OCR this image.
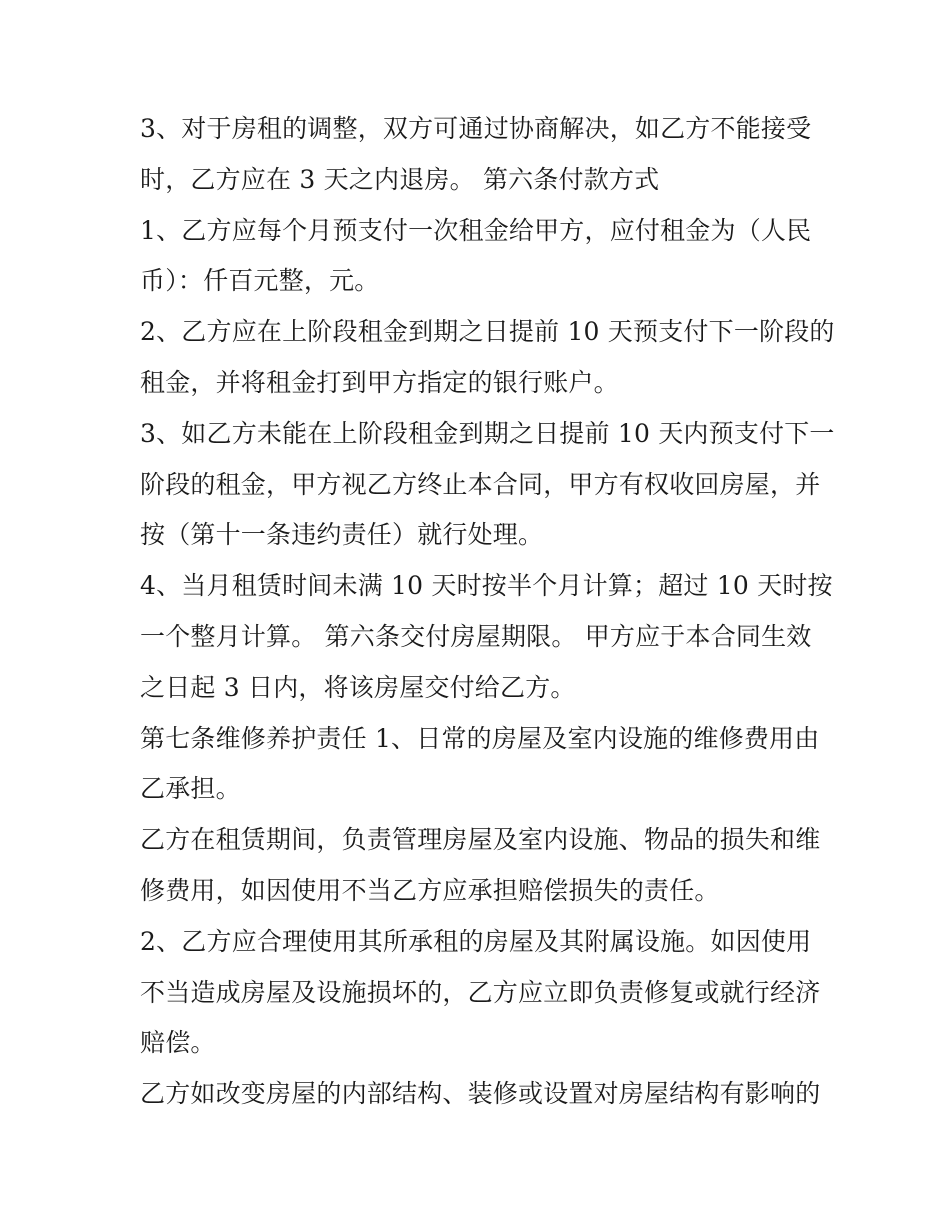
3、对于房租的调整，双方可通过协商解决，如乙方不能接受
时，乙方应在 3 天之内退房。 第六条付款方式

1、乙方应每个月预支付一次租金给甲方，应付租金为（人民
币）：仟百元整，元。

2、乙方应在上阶段租金到期之日提前 10 天预支付下一阶段的
租金，并将租金打到甲方指定的银行账户。

3、如乙方未能在上阶段租金到期之日提前 10 天内预支付下一
阶段的租金，甲方视乙方终止本合同，甲方有权收回房屋，并
按（第十一条违约责任）就行处理。

4、当月租赁时间未满 10 天时按半个月计算；超过 10 天时按
一个整月计算。 第六条交付房屋期限。 甲方应于本合同生效
之日起 3 日内，将该房屋交付给乙方。

第七条维修养护责任 1、日常的房屋及室内设施的维修费用由
乙承担。

乙方在租赁期间，负责管理房屋及室内设施、物品的损失和维
修费用，如因使用不当乙方应承担赔偿损失的责任。

2、乙方应合理使用其所承租的房屋及其附属设施。如因使用
不当造成房屋及设施损坏的，乙方应立即负责修复或就行经济
赔偿。

乙方如改变房屋的内部结构、装修或设置对房屋结构有影响的
